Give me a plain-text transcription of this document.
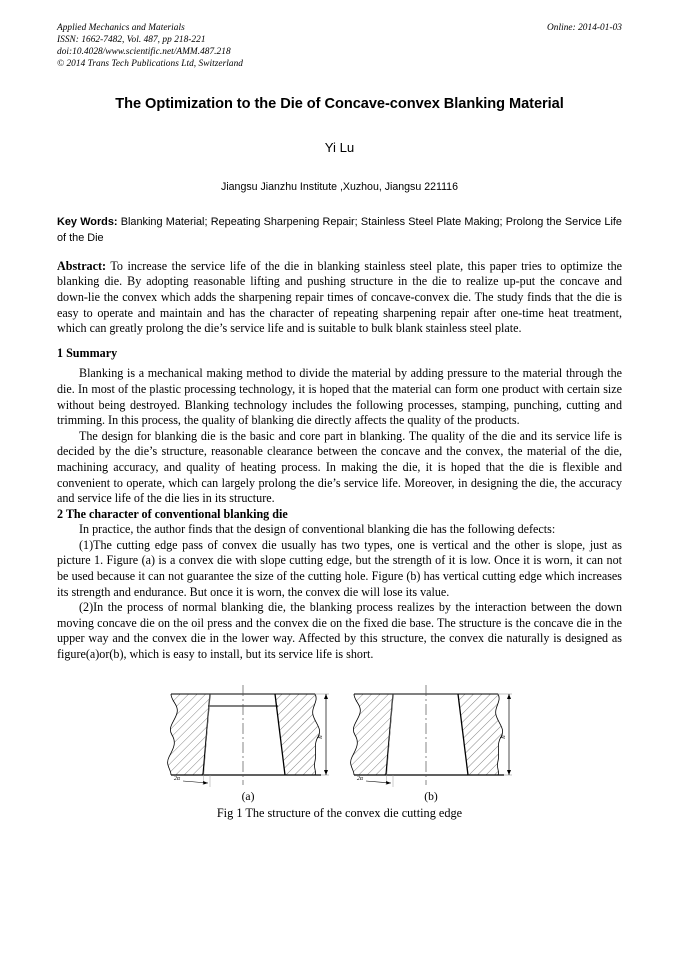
Applied Mechanics and Materials
ISSN: 1662-7482, Vol. 487, pp 218-221
doi:10.4028/www.scientific.net/AMM.487.218
© 2014 Trans Tech Publications Ltd, Switzerland
Online: 2014-01-03
The Optimization to the Die of Concave-convex Blanking Material
Yi Lu
Jiangsu Jianzhu Institute ,Xuzhou, Jiangsu 221116
Key Words: Blanking Material; Repeating Sharpening Repair; Stainless Steel Plate Making; Prolong the Service Life of the Die
Abstract: To increase the service life of the die in blanking stainless steel plate, this paper tries to optimize the blanking die. By adopting reasonable lifting and pushing structure in the die to realize up-put the concave and down-lie the convex which adds the sharpening repair times of concave-convex die. The study finds that the die is easy to operate and maintain and has the character of repeating sharpening repair after one-time heat treatment, which can greatly prolong the die’s service life and is suitable to bulk blank stainless steel plate.
1 Summary

Blanking is a mechanical making method to divide the material by adding pressure to the material through the die. In most of the plastic processing technology, it is hoped that the material can form one product with certain size without being destroyed. Blanking technology includes the following processes, stamping, punching, cutting and trimming. In this process, the quality of blanking die directly affects the quality of the products.

The design for blanking die is the basic and core part in blanking. The quality of the die and its service life is decided by the die’s structure, reasonable clearance between the concave and the convex, the material of the die, machining accuracy, and quality of heating process. In making the die, it is hoped that the die is flexible and convenient to operate, which can largely prolong the die’s service life. Moreover, in designing the die, the accuracy and service life of the die lies in its structure.

2 The character of conventional blanking die

In practice, the author finds that the design of conventional blanking die has the following defects:

(1)The cutting edge pass of convex die usually has two types, one is vertical and the other is slope, just as picture 1. Figure (a) is a convex die with slope cutting edge, but the strength of it is low. Once it is worn, it can not be used because it can not guarantee the size of the cutting hole. Figure (b) has vertical cutting edge which increases its strength and endurance. But once it is worn, the convex die will lose its value.

(2)In the process of normal blanking die, the blanking process realizes by the interaction between the down moving concave die on the oil press and the convex die on the fixed die base. The structure is the concave die in the upper way and the convex die in the lower way. Affected by this structure, the convex die naturally is designed as figure(a)or(b), which is easy to install, but its service life is short.

h
2α
h
2α
(a)	(b)
Fig 1 The structure of the convex die cutting edge
